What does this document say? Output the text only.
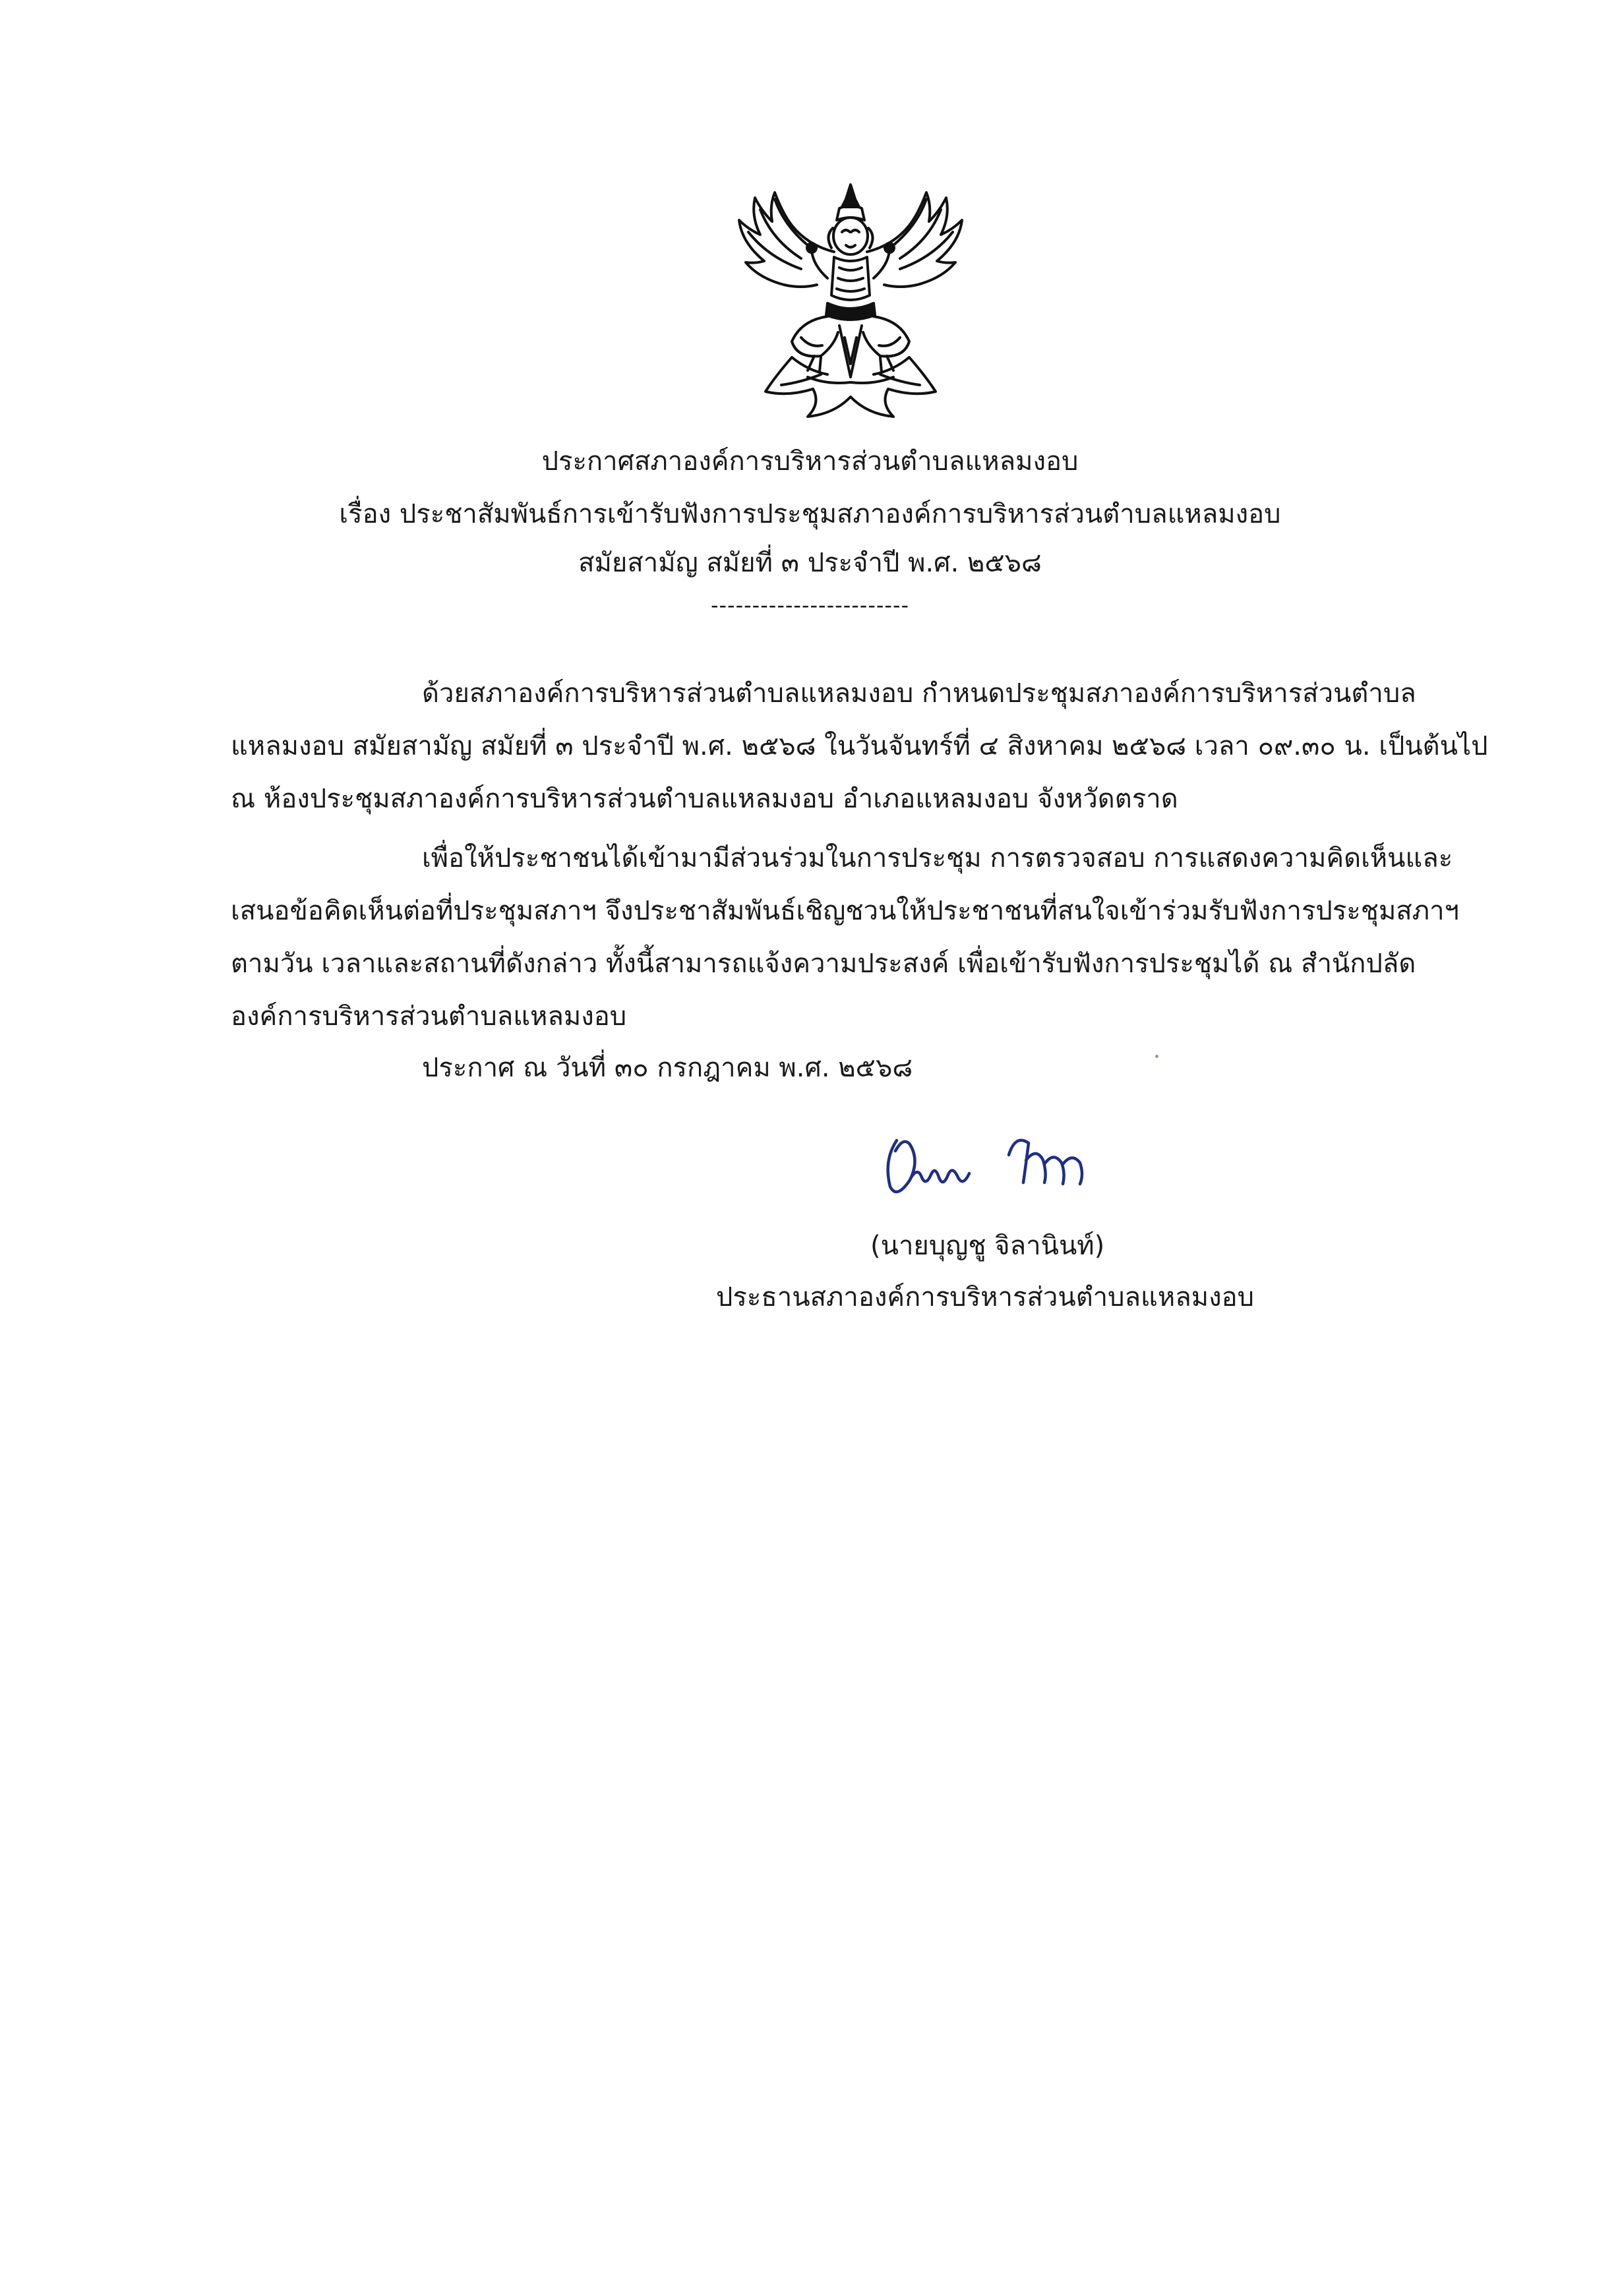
ประกาศสภาองค์การบริหารส่วนตำบลแหลมงอบ
เรื่อง ประชาสัมพันธ์การเข้ารับฟังการประชุมสภาองค์การบริหารส่วนตำบลแหลมงอบ
สมัยสามัญ สมัยที่ ๓ ประจำปี พ.ศ. ๒๕๖๘
------------------------
ด้วยสภาองค์การบริหารส่วนตำบลแหลมงอบ กำหนดประชุมสภาองค์การบริหารส่วนตำบล
แหลมงอบ สมัยสามัญ สมัยที่ ๓ ประจำปี พ.ศ. ๒๕๖๘ ในวันจันทร์ที่ ๔ สิงหาคม ๒๕๖๘ เวลา ๐๙.๓๐ น. เป็นต้นไป
ณ ห้องประชุมสภาองค์การบริหารส่วนตำบลแหลมงอบ อำเภอแหลมงอบ จังหวัดตราด
เพื่อให้ประชาชนได้เข้ามามีส่วนร่วมในการประชุม การตรวจสอบ การแสดงความคิดเห็นและ
เสนอข้อคิดเห็นต่อที่ประชุมสภาฯ จึงประชาสัมพันธ์เชิญชวนให้ประชาชนที่สนใจเข้าร่วมรับฟังการประชุมสภาฯ
ตามวัน เวลาและสถานที่ดังกล่าว ทั้งนี้สามารถแจ้งความประสงค์ เพื่อเข้ารับฟังการประชุมได้ ณ สำนักปลัด
องค์การบริหารส่วนตำบลแหลมงอบ
ประกาศ ณ วันที่ ๓๐ กรกฎาคม พ.ศ. ๒๕๖๘
(นายบุญชู จิลานินท์)
ประธานสภาองค์การบริหารส่วนตำบลแหลมงอบ
